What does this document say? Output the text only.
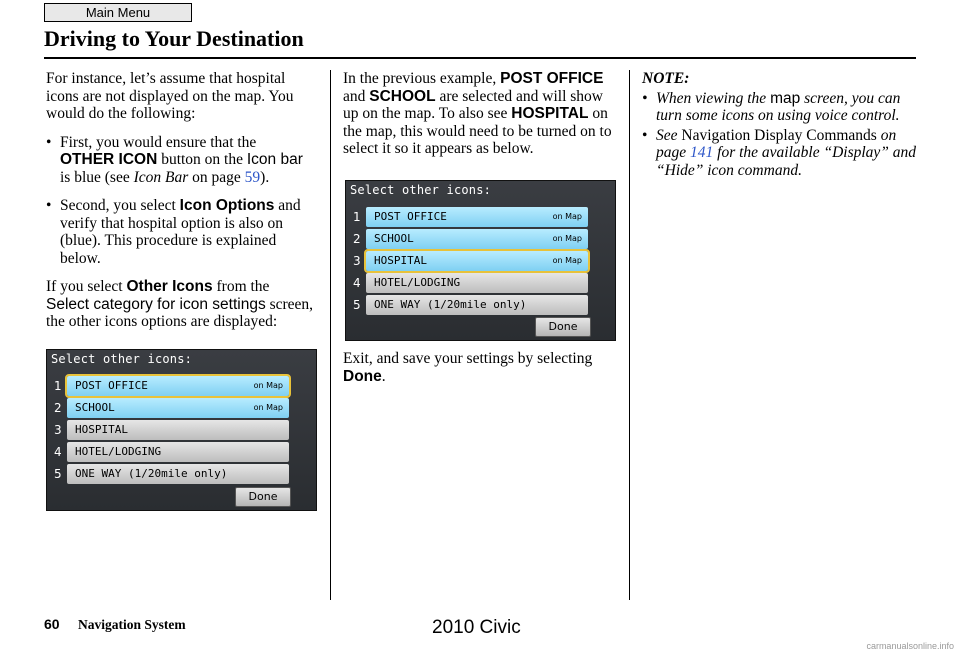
Main Menu
Driving to Your Destination

For instance, let’s assume that hospital icons are not displayed on the map. You would do the following:

• First, you would ensure that the OTHER ICON button on the Icon bar is blue (see Icon Bar on page 59).
• Second, you select Icon Options and verify that hospital option is also on (blue). This procedure is explained below.

If you select Other Icons from the Select category for icon settings screen, the other icons options are displayed:

Select other icons:
1	POST OFFICE	on Map
2	SCHOOL	on Map
3	HOSPITAL
4	HOTEL/LODGING
5	ONE WAY (1/20mile only)
Done

In the previous example, POST OFFICE and SCHOOL are selected and will show up on the map. To also see HOSPITAL on the map, this would need to be turned on to select it so it appears as below.

Select other icons:
1	POST OFFICE	on Map
2	SCHOOL	on Map
3	HOSPITAL	on Map
4	HOTEL/LODGING
5	ONE WAY (1/20mile only)
Done

Exit, and save your settings by selecting Done.

NOTE:

• When viewing the map screen, you can turn some icons on using voice control.
• See Navigation Display Commands on page 141 for the available “Display” and “Hide” icon command.
60 Navigation System	2010 Civic
carmanualsonline.info
